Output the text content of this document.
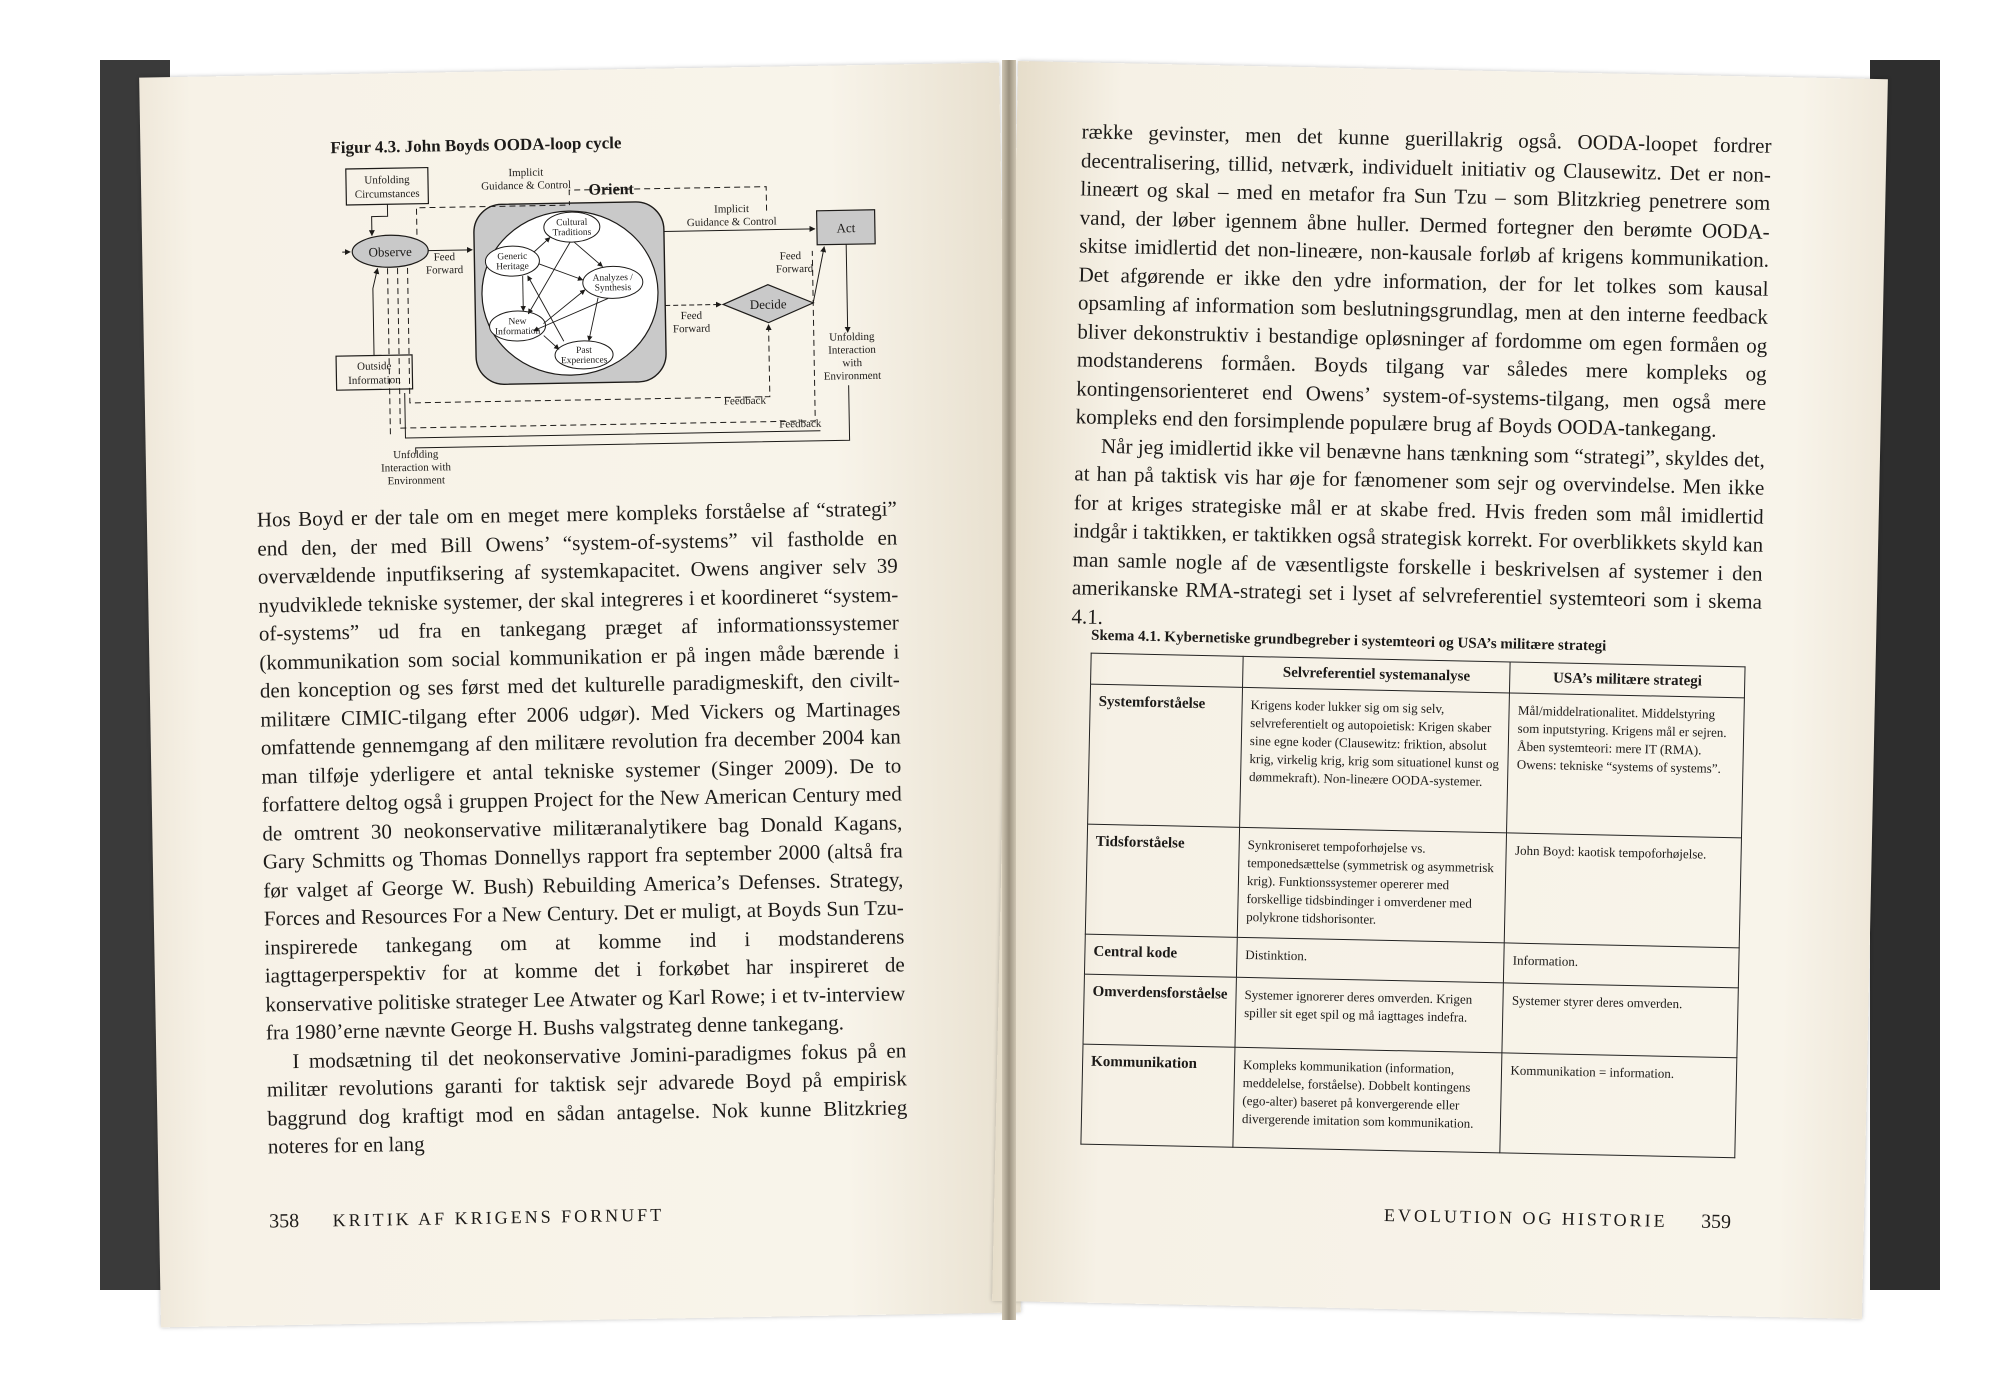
Figur 4.3. John Boyds OODA-loop cycle
UnfoldingCircumstances
ImplicitGuidance & Control Orient
CulturalTraditions
GenericHeritage
Analyzes /Synthesis
NewInformation
PastExperiences
Observe	FeedForward
ImplicitGuidance & Control	Act
FeedForward
Decide
FeedForward
OutsideInformation
UnfoldingInteractionwithEnvironment
Feedback
Feedback
UnfoldingInteraction withEnvironment

Hos Boyd er der tale om en meget mere kompleks forståelse af “strategi” end den, der med Bill Owens’ “system-of-systems” vil fastholde en overvældende inputfiksering af systemkapacitet. Owens angiver selv 39 nyudviklede tekniske systemer, der skal integreres i et koordineret “system-of-systems” ud fra en tankegang præget af informationssystemer (kommunikation som social kommunikation er på ingen måde bærende i den konception og ses først med det kulturelle paradigmeskift, den civilt-militære CIMIC-tilgang efter 2006 udgør). Med Vickers og Martinages omfattende gennemgang af den militære revolution fra december 2004 kan man tilføje yderligere et antal tekniske systemer (Singer 2009). De to forfattere deltog også i gruppen Project for the New American Century med de omtrent 30 neokonservative militæranalytikere bag Donald Kagans, Gary Schmitts og Thomas Donnellys rapport fra september 2000 (altså fra før valget af George W. Bush) Rebuilding America’s Defenses. Strategy, Forces and Resources For a New Century. Det er muligt, at Boyds Sun Tzu-inspirerede tankegang om at komme ind i modstanderens iagttagerperspektiv for at komme det i forkøbet har inspireret de konservative politiske strateger Lee Atwater og Karl Rowe; i et tv-interview fra 1980’erne nævnte George H. Bushs valgstrateg denne tankegang.

I modsætning til det neokonservative Jomini-paradigmes fokus på en militær revolutions garanti for taktisk sejr advarede Boyd på empirisk baggrund dog kraftigt mod en sådan antagelse. Nok kunne Blitzkrieg noteres for en lang

358 KRITIK AF KRIGENS FORNUFT

række gevinster, men det kunne guerillakrig også. OODA-loopet fordrer decentralisering, tillid, netværk, individuelt initiativ og Clausewitz. Det er non-lineært og skal – med en metafor fra Sun Tzu – som Blitzkrieg penetrere som vand, der løber igennem åbne huller. Dermed fortegner den berømte OODA-skitse imidlertid det non-lineære, non-kausale forløb af krigens kommunikation. Det afgørende er ikke den ydre information, der for let tolkes som kausal opsamling af information som beslutningsgrundlag, men at den interne feedback bliver dekonstruktiv i bestandige opløsninger af fordomme om egen formåen og modstanderens formåen. Boyds tilgang var således mere kompleks og kontingensorienteret end Owens’ system-of-systems-tilgang, men også mere kompleks end den forsimplende populære brug af Boyds OODA-tankegang.

Når jeg imidlertid ikke vil benævne hans tænkning som “strategi”, skyldes det, at han på taktisk vis har øje for fænomener som sejr og overvindelse. Men ikke for at kriges strategiske mål er at skabe fred. Hvis freden som mål imidlertid indgår i taktikken, er taktikken også strategisk korrekt. For overblikkets skyld kan man samle nogle af de væsentligste forskelle i beskrivelsen af systemer i den amerikanske RMA-strategi set i lyset af selvreferentiel systemteori som i skema 4.1.

Skema 4.1. Kybernetiske grundbegreber i systemteori og USA’s militære strategi
	Selvreferentiel systemanalyse	USA’s militære strategi
Systemforståelse	Krigens koder lukker sig om sig selv, selvreferentielt og autopoietisk: Krigen skaber sine egne koder (Clausewitz: friktion, absolut krig, virkelig krig, krig som situationel kunst og dømmekraft). Non-lineære OODA-systemer.	Mål/middelrationalitet. Middelstyring som inputstyring. Krigens mål er sejren. Åben systemteori: mere IT (RMA). Owens: tekniske “systems of systems”.
Tidsforståelse	Synkroniseret tempoforhøjelse vs. temponedsættelse (symmetrisk og asymmetrisk krig). Funktionssystemer opererer med forskellige tidsbindinger i omverdener med polykrone tidshorisonter.	John Boyd: kaotisk tempoforhøjelse.
Central kode	Distinktion.	Information.
Omverdensforståelse	Systemer ignorerer deres omverden. Krigen spiller sit eget spil og må iagttages indefra.	Systemer styrer deres omverden.
Kommunikation	Kompleks kommunikation (information, meddelelse, forståelse). Dobbelt kontingens (ego-alter) baseret på konvergerende eller divergerende imitation som kommunikation.	Kommunikation = information.
EVOLUTION OG HISTORIE 359
